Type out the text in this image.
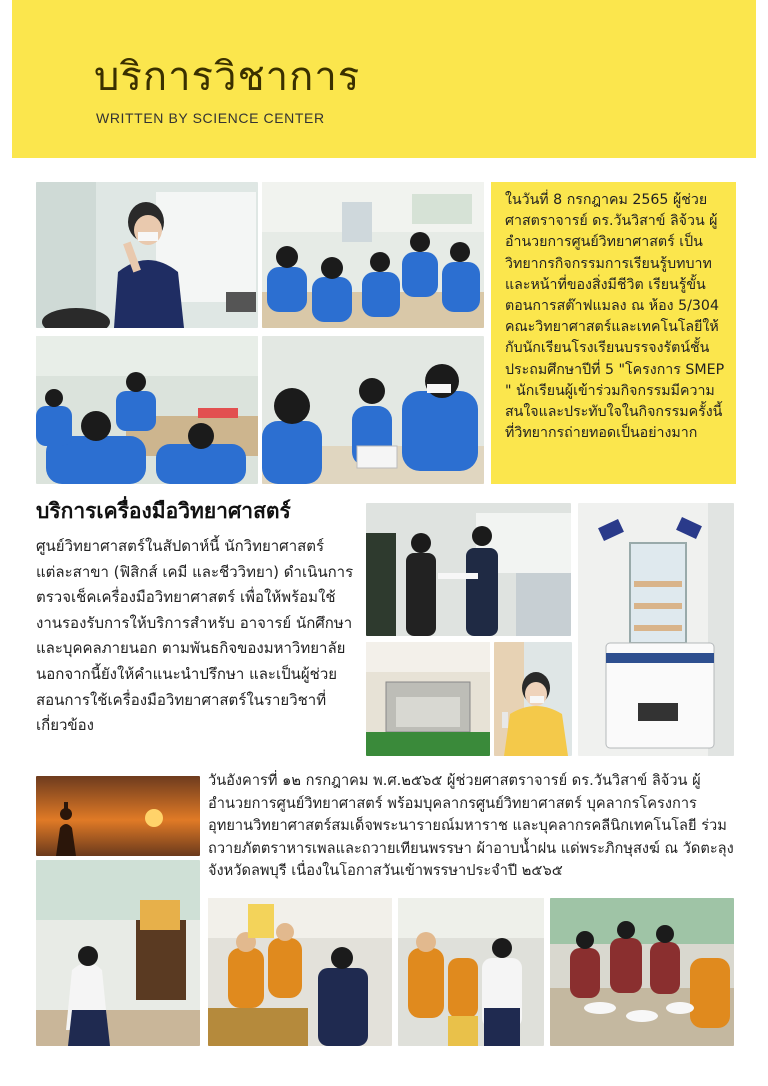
บริการวิชาการ
WRITTEN BY SCIENCE CENTER

ในวันที่ 8 กรกฎาคม 2565 ผู้ช่วยศาสตราจารย์ ดร.วันวิสาข์ ลิจ้วน ผู้อำนวยการศูนย์วิทยาศาสตร์ เป็นวิทยากรกิจกรรมการเรียนรู้บทบาทและหน้าที่ของสิ่งมีชีวิต เรียนรู้ขั้นตอนการสต๊าฟแมลง ณ ห้อง 5/304 คณะวิทยาศาสตร์และเทคโนโลยีให้กับนักเรียนโรงเรียนบรรจงรัตน์ชั้นประถมศึกษาปีที่ 5 "โครงการ SMEP " นักเรียนผู้เข้าร่วมกิจกรรมมีความสนใจและประทับใจในกิจกรรมครั้งนี้ที่วิทยากรถ่ายทอดเป็นอย่างมาก

บริการเครื่องมือวิทยาศาสตร์
ศูนย์วิทยาศาสตร์ในสัปดาห์นี้ นักวิทยาศาสตร์แต่ละสาขา (ฟิสิกส์ เคมี และชีววิทยา) ดำเนินการตรวจเช็คเครื่องมือวิทยาศาสตร์ เพื่อให้พร้อมใช้งานรองรับการให้บริการสำหรับ อาจารย์ นักศึกษา และบุคคลภายนอก ตามพันธกิจของมหาวิทยาลัย นอกจากนี้ยังให้คำแนะนำปรึกษา และเป็นผู้ช่วยสอนการใช้เครื่องมือวิทยาศาสตร์ในรายวิชาที่เกี่ยวข้อง
วันอังคารที่ ๑๒ กรกฎาคม พ.ศ.๒๕๖๕ ผู้ช่วยศาสตราจารย์ ดร.วันวิสาข์ ลิจ้วน ผู้อำนวยการศูนย์วิทยาศาสตร์ พร้อมบุคลากรศูนย์วิทยาศาสตร์ บุคลากรโครงการอุทยานวิทยาศาสตร์สมเด็จพระนารายณ์มหาราช และบุคลากรคลีนิกเทคโนโลยี ร่วมถวายภัตตราหารเพลและถวายเทียนพรรษา ผ้าอาบน้ำฝน แด่พระภิกษุสงฆ์ ณ วัดตะลุง จังหวัดลพบุรี เนื่องในโอกาสวันเข้าพรรษาประจำปี ๒๕๖๕
